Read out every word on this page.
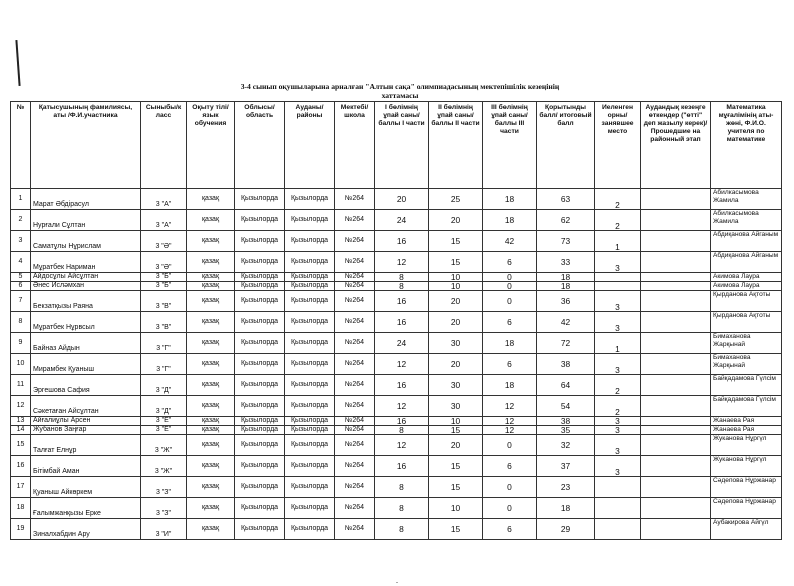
3-4 сынып оқушыларына арналған "Алтын сақа" олимпиадасының мектепішілік кезеңінің
хаттамасы
№	Қатысушының фамилиясы, аты /Ф.И.участника	Сыныбы/к ласс	Оқыту тілі/ язык обучения	Облысы/ область	Ауданы/ районы	Мектебі/ школа	I бөлімнің ұпай саны/ баллы I части	II бөлімнің ұпай саны/ баллы II части	III бөлімнің ұпай саны/ баллы III части	Қорытынды балл/ итоговый балл	Иеленген орны/ занявшее место	Аудандық кезеңге өткендер ("өтті" деп жазылу керек)/ Прошедшие на районный этап	Математика мұғалімінің аты-жөні, Ф.И.О. учителя по математике
1	Марат Әбдірасул	3 "А"	қазақ	Қызылорда	Қызылорда	№264	20	25	18	63	2		Абилкасымова Жамила
2	Нурғали Сұлтан	3 "А"	қазақ	Қызылорда	Қызылорда	№264	24	20	18	62	2		Абилкасымова Жамила
3	Саматұлы Нұрислам	3 "Ә"	қазақ	Қызылорда	Қызылорда	№264	16	15	42	73	1		Абдиқанова Айганым
4	Мұратбек Нариман	3 "Ә"	қазақ	Қызылорда	Қызылорда	№264	12	15	6	33	3		Абдиқанова Айганым
5	Айдосұлы Айсұлтан	3 "Б"	қазақ	Қызылорда	Қызылорда	№264	8	10	0	18			Акимова Лаура
6	Әнес Ислəмхан	3 "Б"	қазақ	Қызылорда	Қызылорда	№264	8	10	0	18			Акимова Лаура
7	Бекзатқызы Раяна	3 "В"	қазақ	Қызылорда	Қызылорда	№264	16	20	0	36	3		Қырданова Ақтоты
8	Мұратбек Нұрвсыл	3 "В"	қазақ	Қызылорда	Қызылорда	№264	16	20	6	42	3		Қырданова Ақтоты
9	Байназ Айдын	3 "Г"	қазақ	Қызылорда	Қызылорда	№264	24	30	18	72	1		Бимаханова Жарқынай
10	Мирамбек Қуаныш	3 "Г"	қазақ	Қызылорда	Қызылорда	№264	12	20	6	38	3		Бимаханова Жарқынай
11	Эргешова Сафия	3 "Д"	қазақ	Қызылорда	Қызылорда	№264	16	30	18	64	2		Байқадамова Гүлсім
12	Сәкетаған Айсұлтан	3 "Д"	қазақ	Қызылорда	Қызылорда	№264	12	30	12	54	2		Байқадамова Гүлсім
13	Айғалиұлы Арсен	3 "Е"	қазақ	Қызылорда	Қызылорда	№264	16	10	12	38	3		Жанаева Рая
14	Жубанов Заңғар	3 "Е"	қазақ	Қызылорда	Қызылорда	№264	8	15	12	35	3		Жанаева Рая
15	Талғат Елнұр	3 "Ж"	қазақ	Қызылорда	Қызылорда	№264	12	20	0	32	3		Жуканова Нұргүл
16	Бітімбай Аман	3 "Ж"	қазақ	Қызылорда	Қызылорда	№264	16	15	6	37	3		Жуканова Нұргүл
17	Қуаныш Айкөркем	3 "З"	қазақ	Қызылорда	Қызылорда	№264	8	15	0	23			Сəдепова Нұржанар
18	Ғалымжанқызы Ерке	3 "З"	қазақ	Қызылорда	Қызылорда	№264	8	10	0	18			Сəдепова Нұржанар
19	Зиналхабдин Ару	3 "И"	қазақ	Қызылорда	Қызылорда	№264	8	15	6	29			Аубакирова Айгүл
-
